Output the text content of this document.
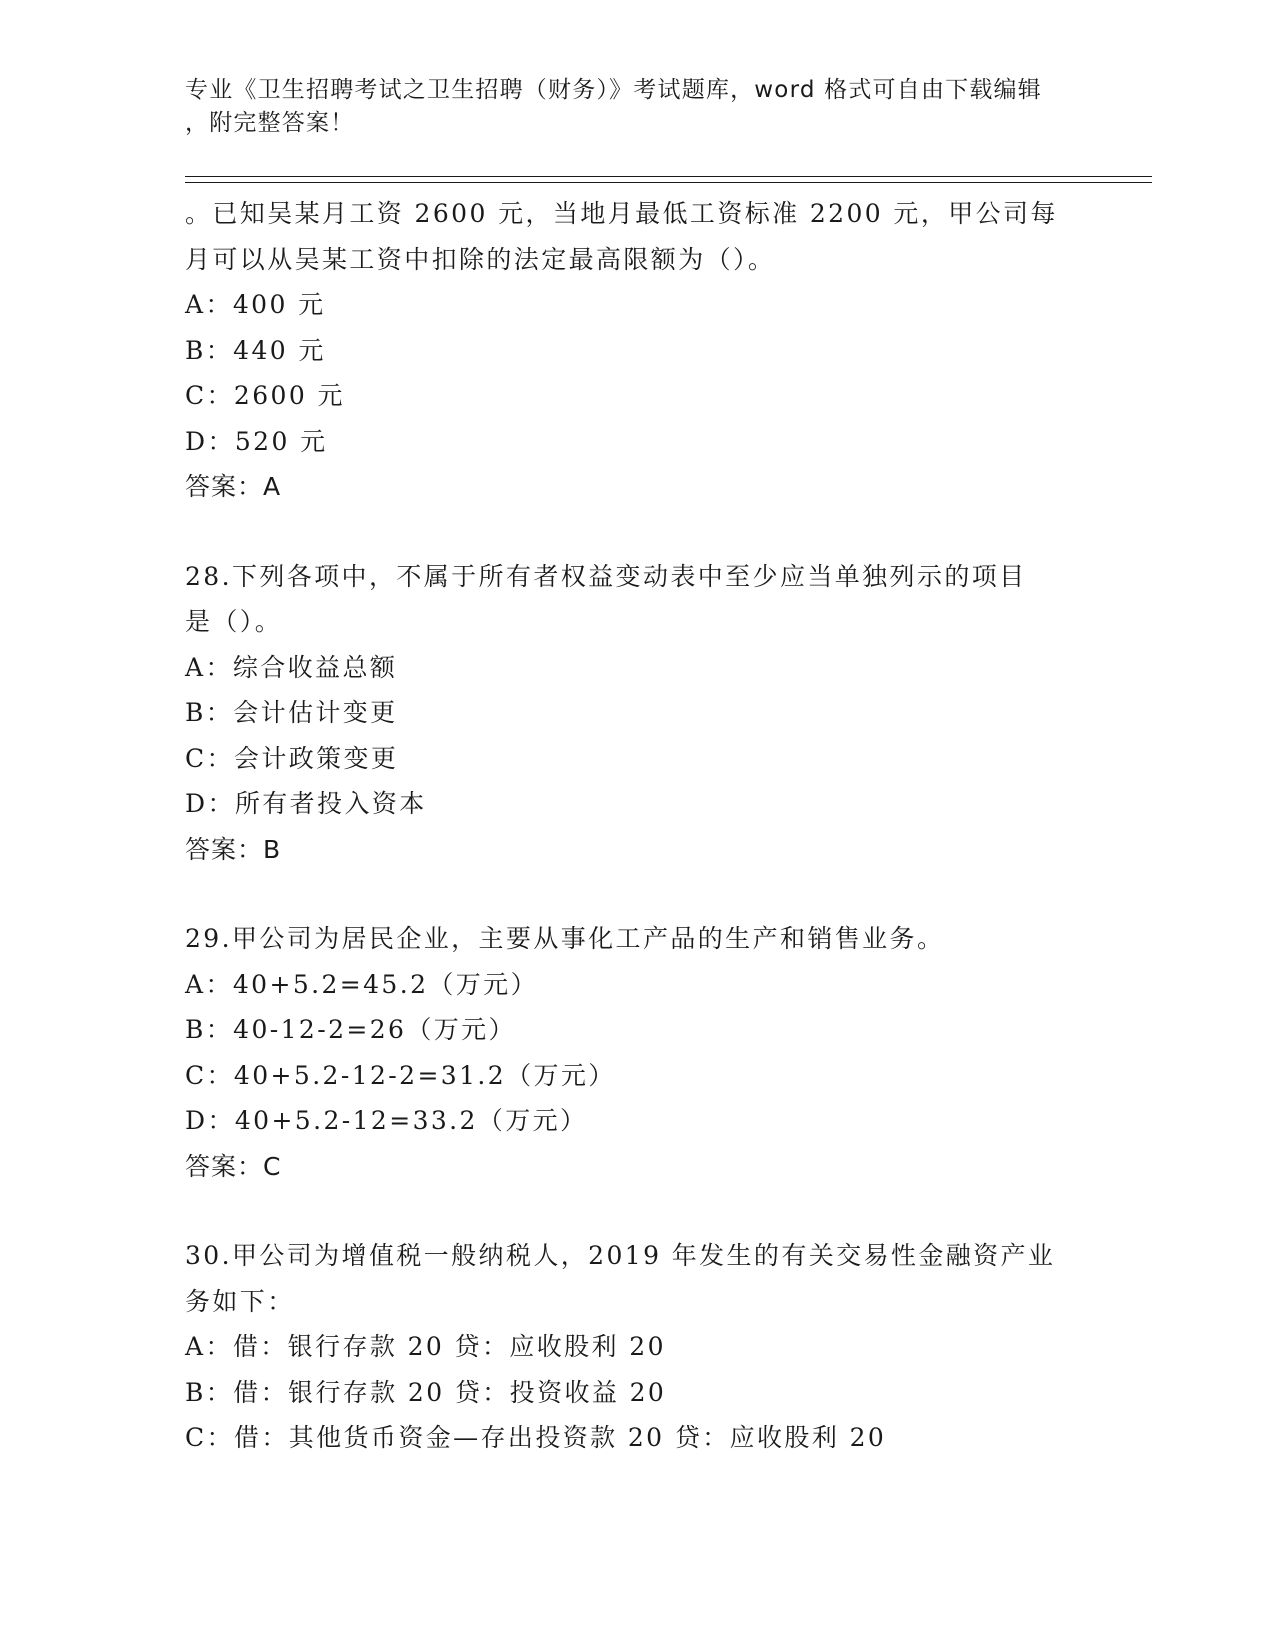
专业《卫生招聘考试之卫生招聘（财务）》考试题库，word 格式可自由下载编辑
，附完整答案！
。已知吴某月工资 2600 元，当地月最低工资标准 2200 元，甲公司每
月可以从吴某工资中扣除的法定最高限额为（）。
A：400 元
B：440 元
C：2600 元
D：520 元
答案：A
28.下列各项中，不属于所有者权益变动表中至少应当单独列示的项目
是（）。
A：综合收益总额
B：会计估计变更
C：会计政策变更
D：所有者投入资本
答案：B
29.甲公司为居民企业，主要从事化工产品的生产和销售业务。
A：40+5.2=45.2（万元）
B：40-12-2=26（万元）
C：40+5.2-12-2=31.2（万元）
D：40+5.2-12=33.2（万元）
答案：C
30.甲公司为增值税一般纳税人，2019 年发生的有关交易性金融资产业
务如下：
A：借：银行存款 20 贷：应收股利 20
B：借：银行存款 20 贷：投资收益 20
C：借：其他货币资金—存出投资款 20 贷：应收股利 20
